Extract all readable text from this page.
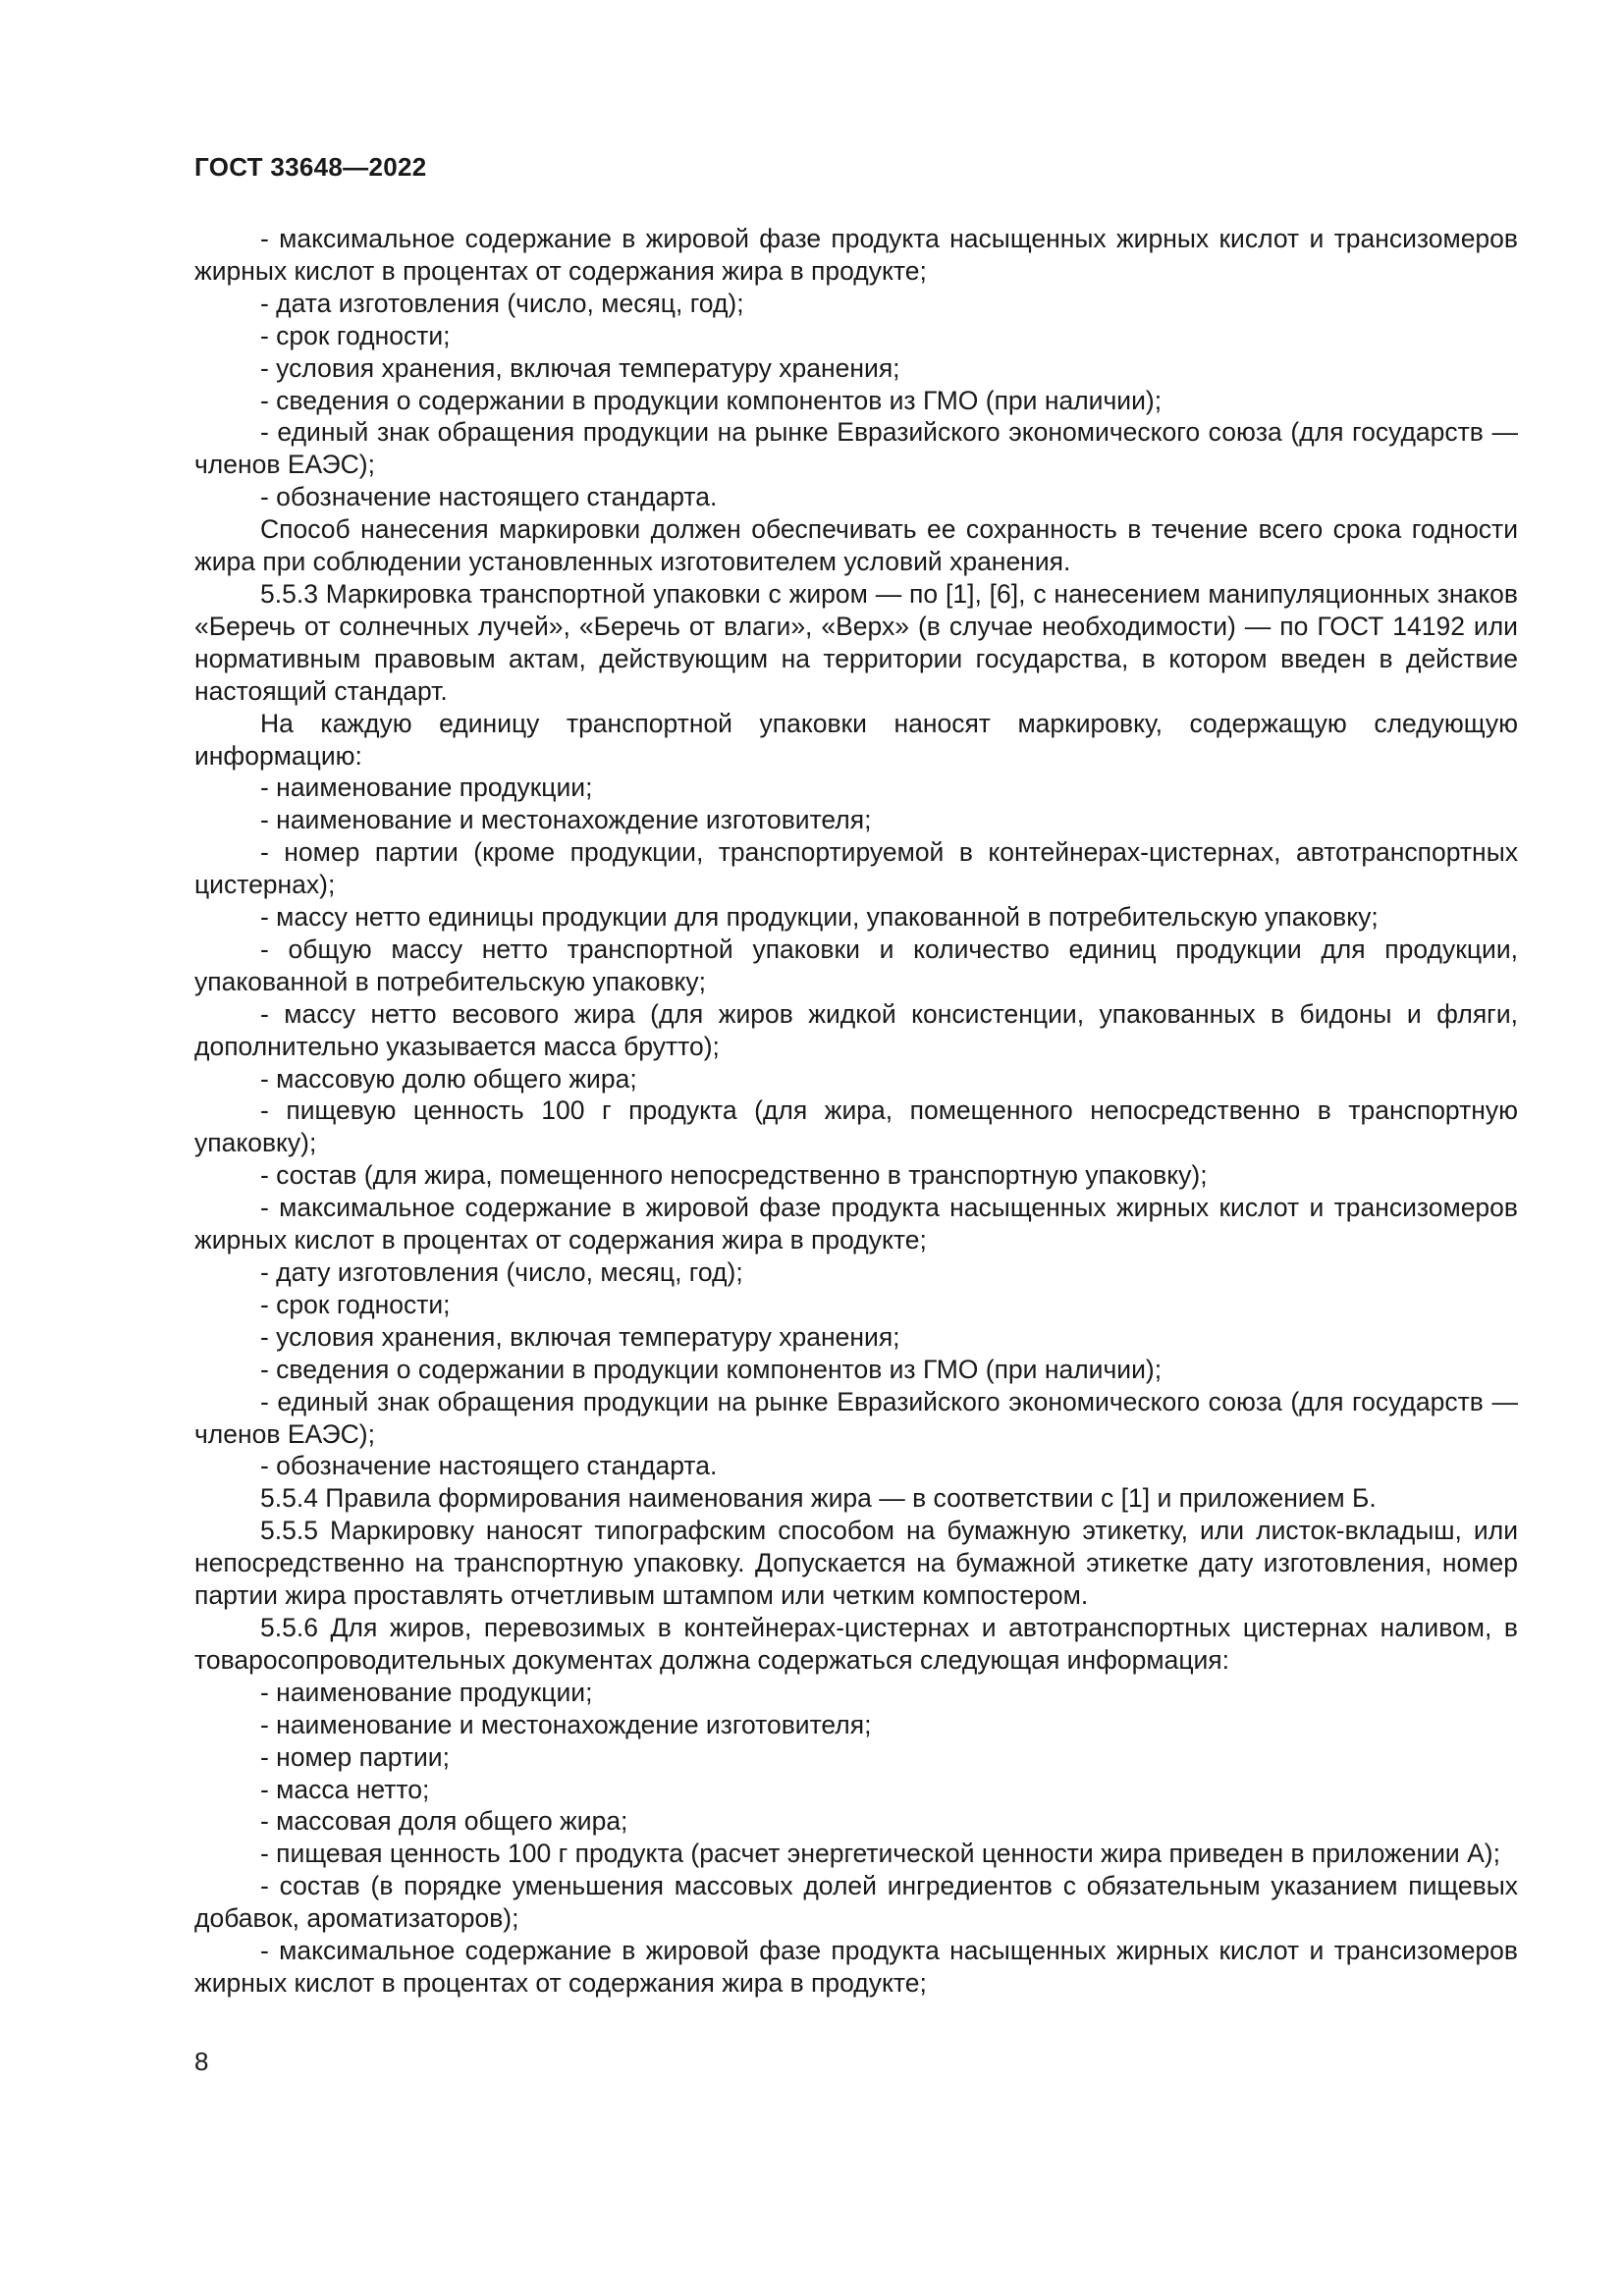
ГОСТ 33648—2022

- максимальное содержание в жировой фазе продукта насыщенных жирных кислот и трансизомеров жирных кислот в процентах от содержания жира в продукте;

- дата изготовления (число, месяц, год);

- срок годности;

- условия хранения, включая температуру хранения;

- сведения о содержании в продукции компонентов из ГМО (при наличии);

- единый знак обращения продукции на рынке Евразийского экономического союза (для государств — членов ЕАЭС);

- обозначение настоящего стандарта.

Способ нанесения маркировки должен обеспечивать ее сохранность в течение всего срока годности жира при соблюдении установленных изготовителем условий хранения.

5.5.3 Маркировка транспортной упаковки с жиром — по [1], [6], с нанесением манипуляционных знаков «Беречь от солнечных лучей», «Беречь от влаги», «Верх» (в случае необходимости) — по ГОСТ 14192 или нормативным правовым актам, действующим на территории государства, в котором введен в действие настоящий стандарт.

На каждую единицу транспортной упаковки наносят маркировку, содержащую следующую информацию:

- наименование продукции;

- наименование и местонахождение изготовителя;

- номер партии (кроме продукции, транспортируемой в контейнерах-цистернах, автотранспортных цистернах);

- массу нетто единицы продукции для продукции, упакованной в потребительскую упаковку;

- общую массу нетто транспортной упаковки и количество единиц продукции для продукции, упакованной в потребительскую упаковку;

- массу нетто весового жира (для жиров жидкой консистенции, упакованных в бидоны и фляги, дополнительно указывается масса брутто);

- массовую долю общего жира;

- пищевую ценность 100 г продукта (для жира, помещенного непосредственно в транспортную упаковку);

- состав (для жира, помещенного непосредственно в транспортную упаковку);

- максимальное содержание в жировой фазе продукта насыщенных жирных кислот и трансизомеров жирных кислот в процентах от содержания жира в продукте;

- дату изготовления (число, месяц, год);

- срок годности;

- условия хранения, включая температуру хранения;

- сведения о содержании в продукции компонентов из ГМО (при наличии);

- единый знак обращения продукции на рынке Евразийского экономического союза (для государств — членов ЕАЭС);

- обозначение настоящего стандарта.

5.5.4 Правила формирования наименования жира — в соответствии с [1] и приложением Б.

5.5.5 Маркировку наносят типографским способом на бумажную этикетку, или листок-вкладыш, или непосредственно на транспортную упаковку. Допускается на бумажной этикетке дату изготовления, номер партии жира проставлять отчетливым штампом или четким компостером.

5.5.6 Для жиров, перевозимых в контейнерах-цистернах и автотранспортных цистернах наливом, в товаросопроводительных документах должна содержаться следующая информация:

- наименование продукции;

- наименование и местонахождение изготовителя;

- номер партии;

- масса нетто;

- массовая доля общего жира;

- пищевая ценность 100 г продукта (расчет энергетической ценности жира приведен в приложении А);

- состав (в порядке уменьшения массовых долей ингредиентов с обязательным указанием пищевых добавок, ароматизаторов);

- максимальное содержание в жировой фазе продукта насыщенных жирных кислот и трансизомеров жирных кислот в процентах от содержания жира в продукте;

8
